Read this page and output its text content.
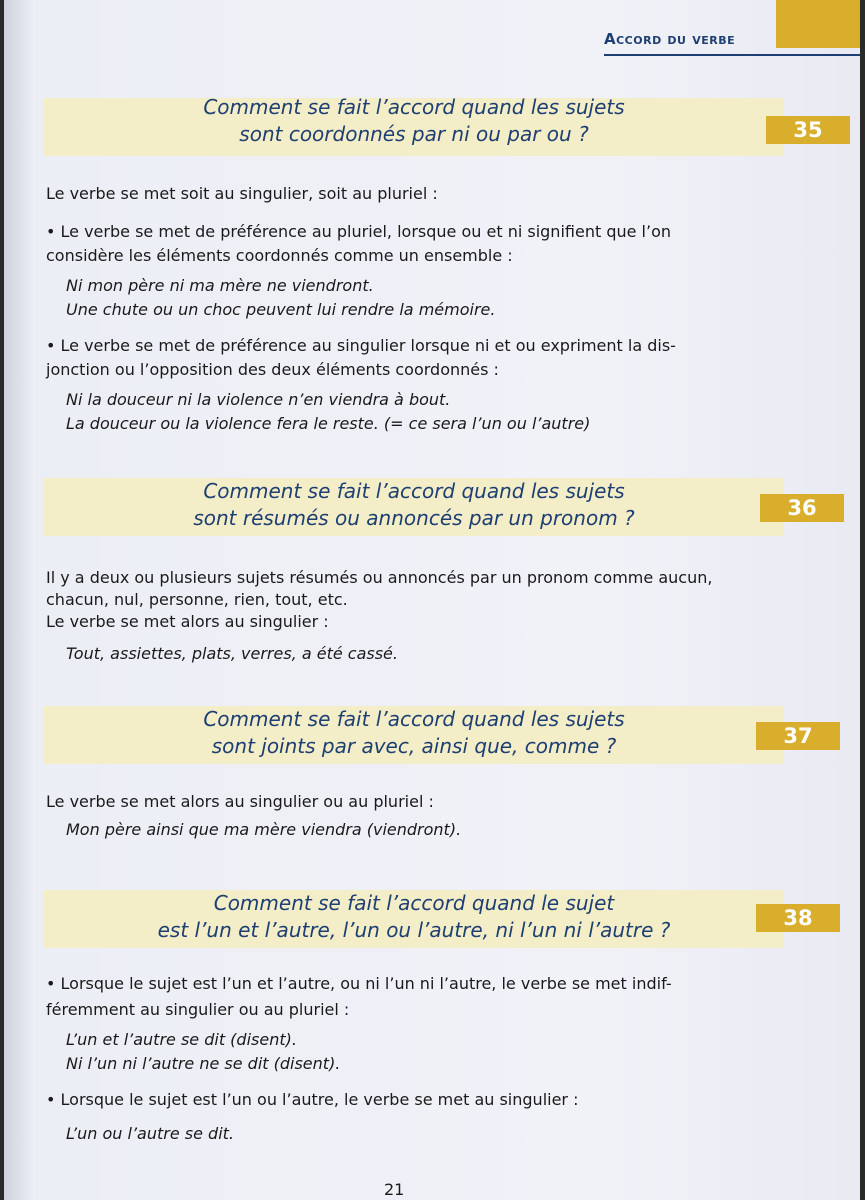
Accord du verbe
Comment se fait l’accord quand les sujets
sont coordonnés par ni ou par ou ?	35
Le verbe se met soit au singulier, soit au pluriel :
• Le verbe se met de préférence au pluriel, lorsque ou et ni signifient que l’on
considère les éléments coordonnés comme un ensemble :
Ni mon père ni ma mère ne viendront.
Une chute ou un choc peuvent lui rendre la mémoire.
• Le verbe se met de préférence au singulier lorsque ni et ou expriment la dis-
jonction ou l’opposition des deux éléments coordonnés :
Ni la douceur ni la violence n’en viendra à bout.
La douceur ou la violence fera le reste. (= ce sera l’un ou l’autre)
Comment se fait l’accord quand les sujets
sont résumés ou annoncés par un pronom ?	36
Il y a deux ou plusieurs sujets résumés ou annoncés par un pronom comme aucun,
chacun, nul, personne, rien, tout, etc.
Le verbe se met alors au singulier :
Tout, assiettes, plats, verres, a été cassé.
Comment se fait l’accord quand les sujets
sont joints par avec, ainsi que, comme ?	37
Le verbe se met alors au singulier ou au pluriel :
Mon père ainsi que ma mère viendra (viendront).
Comment se fait l’accord quand le sujet
est l’un et l’autre, l’un ou l’autre, ni l’un ni l’autre ?	38
• Lorsque le sujet est l’un et l’autre, ou ni l’un ni l’autre, le verbe se met indif-
féremment au singulier ou au pluriel :
L’un et l’autre se dit (disent).
Ni l’un ni l’autre ne se dit (disent).
• Lorsque le sujet est l’un ou l’autre, le verbe se met au singulier :
L’un ou l’autre se dit.
21
